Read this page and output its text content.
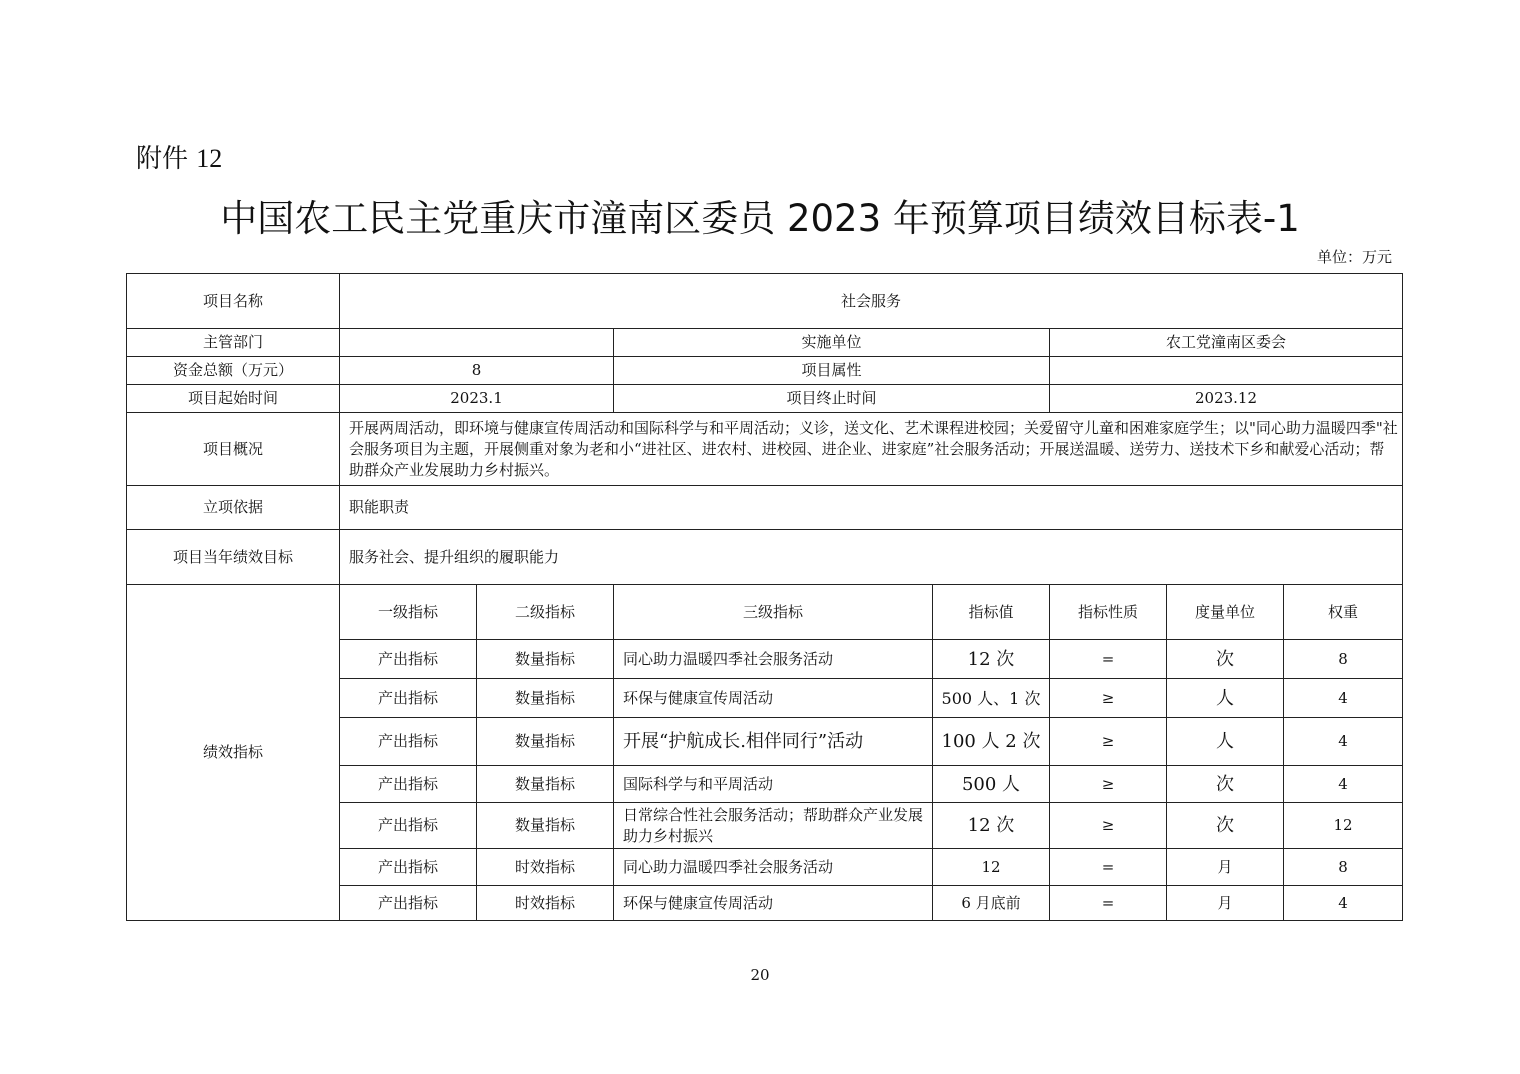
附件 12
中国农工民主党重庆市潼南区委员 2023 年预算项目绩效目标表-1
单位：万元
项目名称	社会服务						
主管部门			实施单位		农工党潼南区委会		
资金总额（万元）	8		项目属性				
项目起始时间	2023.1		项目终止时间		2023.12		
项目概况	开展两周活动，即环境与健康宣传周活动和国际科学与和平周活动；义诊，送文化、艺术课程进校园；关爱留守儿童和困难家庭学生；以"同心助力温暖四季"社会服务项目为主题，开展侧重对象为老和小“进社区、进农村、进校园、进企业、进家庭”社会服务活动；开展送温暖、送劳力、送技术下乡和献爱心活动；帮助群众产业发展助力乡村振兴。						
立项依据	职能职责						
项目当年绩效目标	服务社会、提升组织的履职能力						
绩效指标	一级指标	二级指标	三级指标	指标值	指标性质	度量单位	权重
	产出指标	数量指标	同心助力温暖四季社会服务活动	12 次	=	次	8
	产出指标	数量指标	环保与健康宣传周活动	500 人、1 次	≥	人	4
	产出指标	数量指标	开展“护航成长.相伴同行”活动	100 人 2 次	≥	人	4
	产出指标	数量指标	国际科学与和平周活动	500 人	≥	次	4
	产出指标	数量指标	日常综合性社会服务活动；帮助群众产业发展助力乡村振兴	12 次	≥	次	12
	产出指标	时效指标	同心助力温暖四季社会服务活动	12	=	月	8
	产出指标	时效指标	环保与健康宣传周活动	6 月底前	=	月	4
20
